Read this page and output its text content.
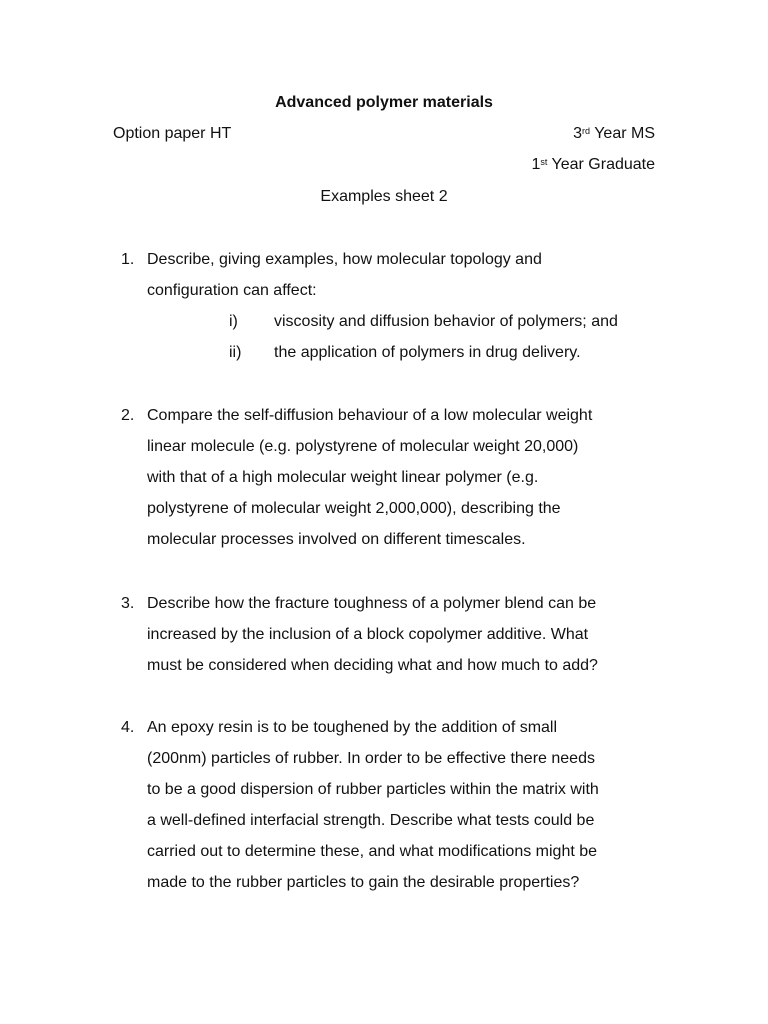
Advanced polymer materials
Option paper HT	3rd Year MS
1st Year Graduate
Examples sheet 2
1. Describe, giving examples, how molecular topology and
configuration can affect:
i) viscosity and diffusion behavior of polymers; and
ii) the application of polymers in drug delivery.
2. Compare the self-diffusion behaviour of a low molecular weight
linear molecule (e.g. polystyrene of molecular weight 20,000)
with that of a high molecular weight linear polymer (e.g.
polystyrene of molecular weight 2,000,000), describing the
molecular processes involved on different timescales.
3. Describe how the fracture toughness of a polymer blend can be
increased by the inclusion of a block copolymer additive. What
must be considered when deciding what and how much to add?
4. An epoxy resin is to be toughened by the addition of small
(200nm) particles of rubber. In order to be effective there needs
to be a good dispersion of rubber particles within the matrix with
a well-defined interfacial strength. Describe what tests could be
carried out to determine these, and what modifications might be
made to the rubber particles to gain the desirable properties?
